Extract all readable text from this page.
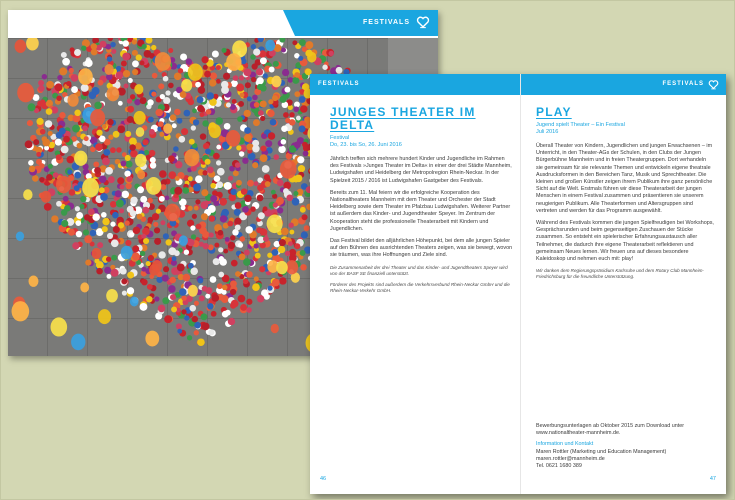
FESTIVALS
FESTIVALS	FESTIVALS

JUNGES THEATER IM DELTA

Festival

Do, 23. bis So, 26. Juni 2016

Jährlich treffen sich mehrere hundert Kinder und Jugendliche im Rahmen des Festivals »Junges Theater im Delta« in einer der drei Städte Mannheim, Ludwigshafen und Heidelberg der Metropolregion Rhein-Neckar. In der Spielzeit 2015 / 2016 ist Ludwigshafen Gastgeber des Festivals.

Bereits zum 11. Mal feiern wir die erfolgreiche Kooperation des Nationaltheaters Mannheim mit dem Theater und Orchester der Stadt Heidelberg sowie dem Theater im Pfalzbau Ludwigshafen. Weiterer Partner ist außerdem das Kinder- und Jugendtheater Speyer. Im Zentrum der Kooperation steht die professionelle Theaterarbeit mit Kindern und Jugendlichen.

Das Festival bildet den alljährlichen Höhepunkt, bei dem alle jungen Spieler auf den Bühnen des ausrichtenden Theaters zeigen, was sie bewegt, wovon sie träumen, was ihre Hoffnungen und Ziele sind.

Die Zusammenarbeit der drei Theater und das Kinder- und Jugendtheaters Speyer wird von der BASF SE finanziell unterstützt.

Förderer des Projekts sind außerdem die Verkehrsverbund Rhein-Neckar GmbH und die Rhein-Neckar-Verkehr GmbH.

46

PLAY

Jugend spielt Theater – Ein Festival

Juli 2016

Überall Theater von Kindern, Jugendlichen und jungen Erwachsenen – im Unterricht, in den Theater-AGs der Schulen, in den Clubs der Jungen Bürgerbühne Mannheim und in freien Theatergruppen. Dort verhandeln sie gemeinsam für sie relevante Themen und entwickeln eigene theatrale Ausdrucksformen in den Bereichen Tanz, Musik und Sprechtheater. Die kleinen und großen Künstler zeigen ihrem Publikum ihre ganz persönliche Sicht auf die Welt. Erstmals führen wir diese Theaterarbeit der jungen Menschen in einem Festival zusammen und präsentieren sie unserem neugierigen Publikum. Alle Theaterformen und Altersgruppen sind vertreten und werden für das Programm ausgewählt.

Während des Festivals kommen die jungen Spielfreudigen bei Workshops, Gesprächsrunden und beim gegenseitigen Zuschauen der Stücke zusammen. So entsteht ein spielerischer Erfahrungsaustausch aller Teilnehmer, die dadurch ihre eigene Theaterarbeit reflektieren und gemeinsam Neues lernen. Wir freuen uns auf dieses besondere Kaleidoskop und nehmen euch mit: play!

Wir danken dem Regierungspräsidium Karlsruhe und dem Rotary Club Mannheim-Friedrichsburg für die freundliche Unterstützung.

Bewerbungsunterlagen ab Oktober 2015 zum Download unter www.nationaltheater-mannheim.de.

Information und Kontakt

Maren Rottler (Marketing und Education Management)

maren.rottler@mannheim.de

Tel. 0621 1680 389

47
